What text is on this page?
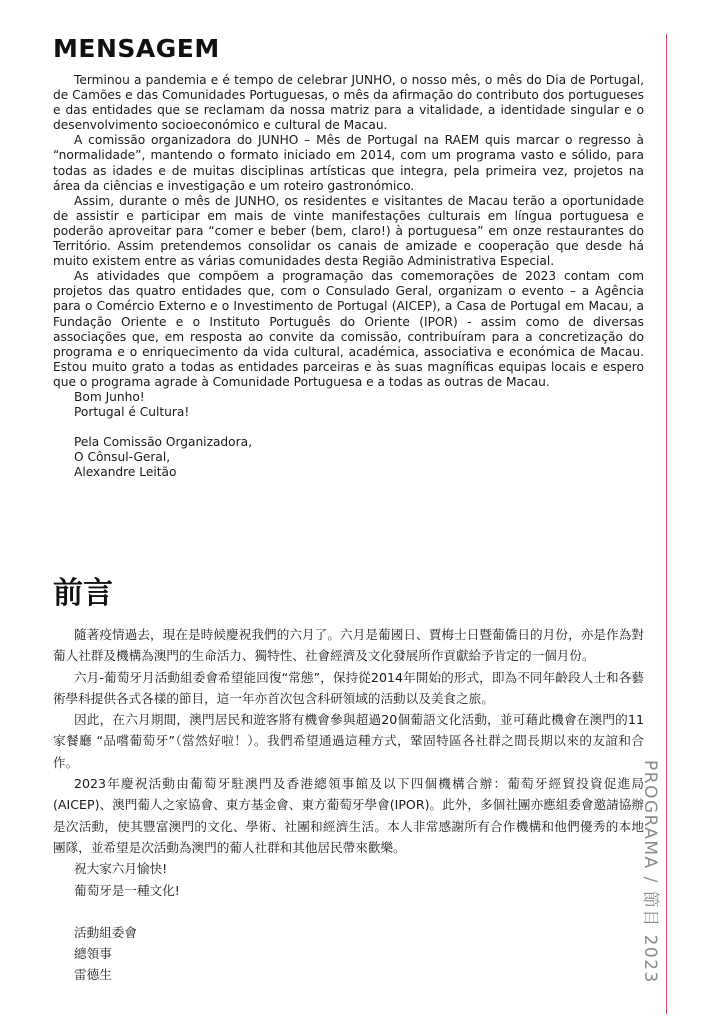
PROGRAMA / 節目 2023
MENSAGEM

Terminou a pandemia e é tempo de celebrar JUNHO, o nosso mês, o mês do Dia de Portugal, de Camões e das Comunidades Portuguesas, o mês da afirmação do contributo dos portugueses e das entidades que se reclamam da nossa matriz para a vitalidade, a identidade singular e o desenvolvimento socioeconómico e cultural de Macau.

A comissão organizadora do JUNHO – Mês de Portugal na RAEM quis marcar o regresso à “normalidade”, mantendo o formato iniciado em 2014, com um programa vasto e sólido, para todas as idades e de muitas disciplinas artísticas que integra, pela primeira vez, projetos na área da ciências e investigação e um roteiro gastronómico.

Assim, durante o mês de JUNHO, os residentes e visitantes de Macau terão a oportunidade de assistir e participar em mais de vinte manifestações culturais em língua portuguesa e poderão aproveitar para “comer e beber (bem, claro!) à portuguesa” em onze restaurantes do Território. Assim pretendemos consolidar os canais de amizade e cooperação que desde há muito existem entre as várias comunidades desta Região Administrativa Especial.

As atividades que compõem a programação das comemorações de 2023 contam com projetos das quatro entidades que, com o Consulado Geral, organizam o evento – a Agência para o Comércio Externo e o Investimento de Portugal (AICEP), a Casa de Portugal em Macau, a Fundação Oriente e o Instituto Português do Oriente (IPOR) - assim como de diversas associações que, em resposta ao convite da comissão, contribuíram para a concretização do programa e o enriquecimento da vida cultural, académica, associativa e económica de Macau. Estou muito grato a todas as entidades parceiras e às suas magníficas equipas locais e espero que o programa agrade à Comunidade Portuguesa e a todas as outras de Macau.

Bom Junho!
Portugal é Cultura!
Pela Comissão Organizadora,
O Cônsul-Geral,
Alexandre Leitão
前言

隨著疫情過去，現在是時候慶祝我們的六月了。六月是葡國日、賈梅士日暨葡僑日的月份，亦是作為對葡人社群及機構為澳門的生命活力、獨特性、社會經濟及文化發展所作貢獻給予肯定的一個月份。

六月-葡萄牙月活動組委會希望能回復“常態”，保持從2014年開始的形式，即為不同年齡段人士和各藝術學科提供各式各樣的節目，這一年亦首次包含科研領域的活動以及美食之旅。

因此，在六月期間，澳門居民和遊客將有機會參與超過20個葡語文化活動，並可藉此機會在澳門的11家餐廳 “品嚐葡萄牙”（當然好啦！）。我們希望通過這種方式，鞏固特區各社群之間長期以來的友誼和合作。

2023年慶祝活動由葡萄牙駐澳門及香港總領事館及以下四個機構合辦：葡萄牙經貿投資促進局(AICEP)、澳門葡人之家協會、東方基金會、東方葡萄牙學會(IPOR)。此外，多個社團亦應組委會邀請協辦是次活動，使其豐富澳門的文化、學術、社團和經濟生活。本人非常感謝所有合作機構和他們優秀的本地團隊，並希望是次活動為澳門的葡人社群和其他居民帶來歡樂。

祝大家六月愉快!
葡萄牙是一種文化!
活動組委會
總領事
雷德生
